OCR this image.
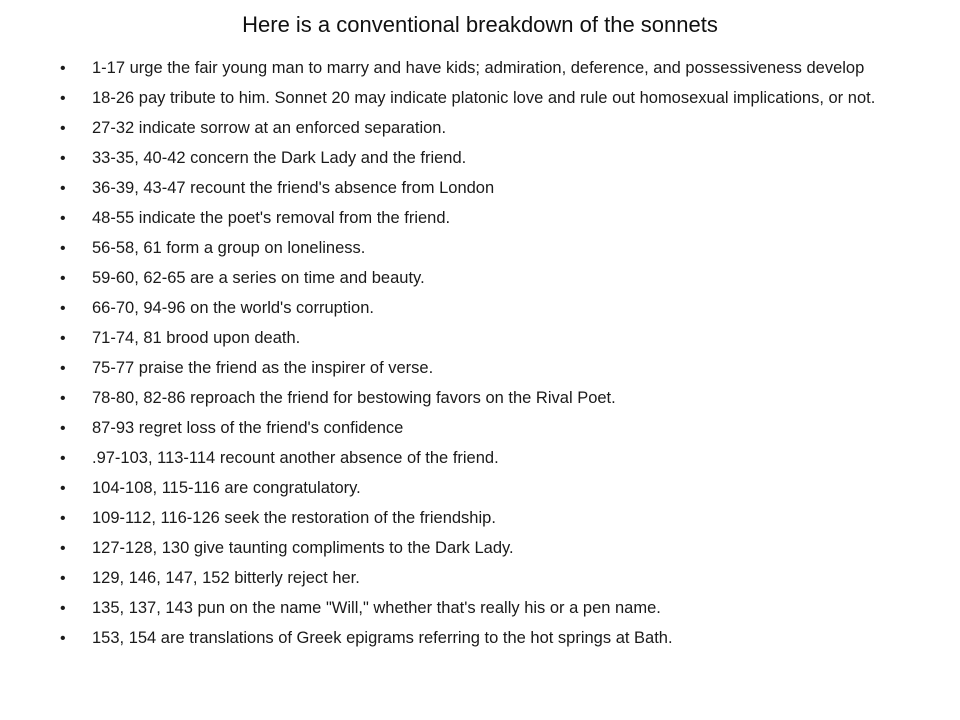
Here is a conventional breakdown of the sonnets
• 1-17 urge the fair young man to marry and have kids; admiration, deference, and possessiveness develop
• 18-26 pay tribute to him. Sonnet 20 may indicate platonic love and rule out homosexual implications, or not.
• 27-32 indicate sorrow at an enforced separation.
• 33-35, 40-42 concern the Dark Lady and the friend.
• 36-39, 43-47 recount the friend's absence from London
• 48-55 indicate the poet's removal from the friend.
• 56-58, 61 form a group on loneliness.
• 59-60, 62-65 are a series on time and beauty.
• 66-70, 94-96 on the world's corruption.
• 71-74, 81 brood upon death.
• 75-77 praise the friend as the inspirer of verse.
• 78-80, 82-86 reproach the friend for bestowing favors on the Rival Poet.
• 87-93 regret loss of the friend's confidence
• .97-103, 113-114 recount another absence of the friend.
• 104-108, 115-116 are congratulatory.
• 109-112, 116-126 seek the restoration of the friendship.
• 127-128, 130 give taunting compliments to the Dark Lady.
• 129, 146, 147, 152 bitterly reject her.
• 135, 137, 143 pun on the name "Will," whether that's really his or a pen name.
• 153, 154 are translations of Greek epigrams referring to the hot springs at Bath.
